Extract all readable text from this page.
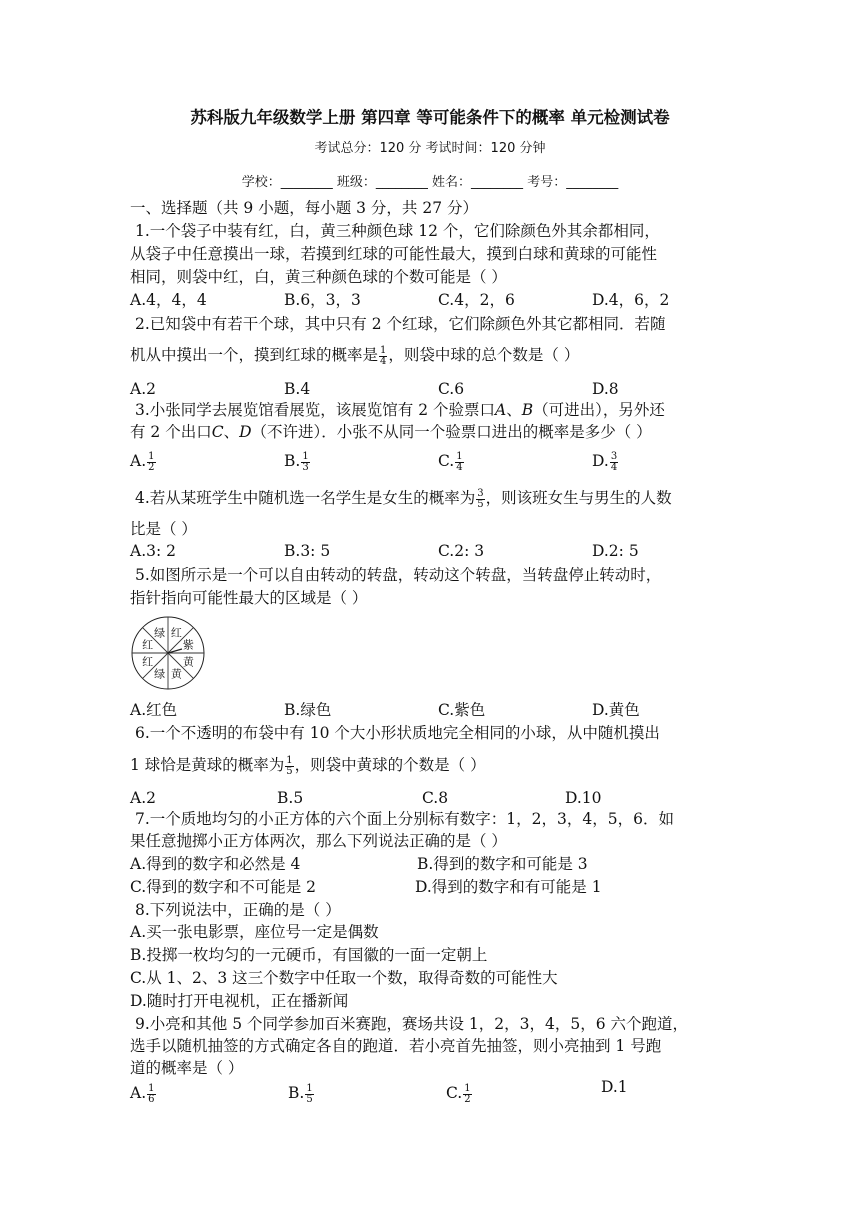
苏科版九年级数学上册 第四章 等可能条件下的概率 单元检测试卷
考试总分：120 分 考试时间：120 分钟
学校：________ 班级：________ 姓名：________ 考号：________
一、选择题（共 9 小题，每小题 3 分，共 27 分）
1.一个袋子中装有红，白，黄三种颜色球 12 个，它们除颜色外其余都相同，
从袋子中任意摸出一球，若摸到红球的可能性最大，摸到白球和黄球的可能性
相同，则袋中红，白，黄三种颜色球的个数可能是（ ）
A.4，4，4	B.6，3，3	C.4，2，6	D.4，6，2
2.已知袋中有若干个球，其中只有 2 个红球，它们除颜色外其它都相同．若随
机从中摸出一个，摸到红球的概率是 $\frac{1}{4}$ ，则袋中球的总个数是（ ）
A.2	B.4	C.6	D.8
3.小张同学去展览馆看展览，该展览馆有 2 个验票口𝐴、𝐵（可进出），另外还
有 2 个出口𝐶、𝐷（不许进）．小张不从同一个验票口进出的概率是多少（ ）
A. $\frac{1}{2}$	B. $\frac{1}{3}$	C. $\frac{1}{4}$	D. $\frac{3}{4}$
4.若从某班学生中随机选一名学生是女生的概率为 $\frac{3}{5}$ ，则该班女生与男生的人数
比是（ ）
A.3: 2	B.3: 5	C.2: 3	D.2: 5
5.如图所示是一个可以自由转动的转盘，转动这个转盘，当转盘停止转动时，
指针指向可能性最大的区域是（ ）
绿 红
紫
黄
黄
绿
红
红
A.红色	B.绿色	C.紫色	D.黄色
6.一个不透明的布袋中有 10 个大小形状质地完全相同的小球，从中随机摸出
1 球恰是黄球的概率为 $\frac{1}{5}$ ，则袋中黄球的个数是（ ）
A.2	B.5	C.8	D.10
7.一个质地均匀的小正方体的六个面上分别标有数字：1，2，3，4，5，6．如
果任意抛掷小正方体两次，那么下列说法正确的是（ ）
A.得到的数字和必然是 4	B.得到的数字和可能是 3
C.得到的数字和不可能是 2	D.得到的数字和有可能是 1
8.下列说法中，正确的是（ ）
A.买一张电影票，座位号一定是偶数
B.投掷一枚均匀的一元硬币，有国徽的一面一定朝上
C.从 1、2、3 这三个数字中任取一个数，取得奇数的可能性大
D.随时打开电视机，正在播新闻
9.小亮和其他 5 个同学参加百米赛跑，赛场共设 1，2，3，4，5，6 六个跑道，
选手以随机抽签的方式确定各自的跑道．若小亮首先抽签，则小亮抽到 1 号跑
道的概率是（ ）
A. $\frac{1}{6}$	B. $\frac{1}{5}$	C. $\frac{1}{2}$	D.1
